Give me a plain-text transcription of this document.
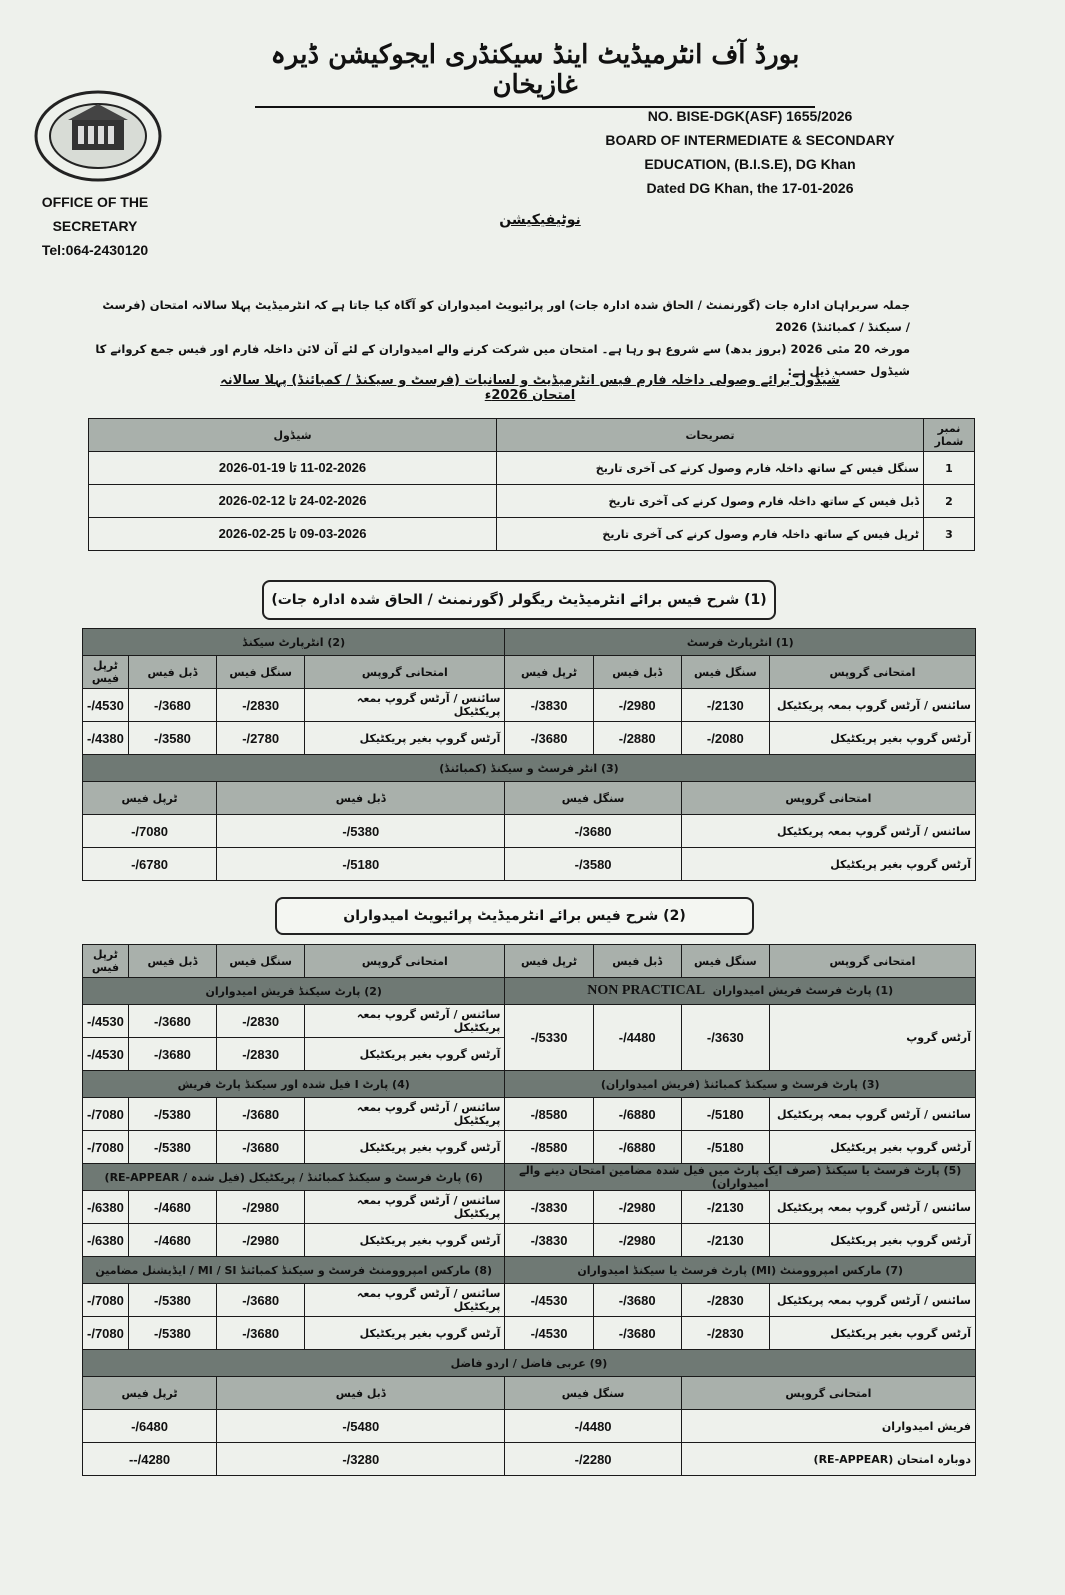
بورڈ آف انٹرمیڈیٹ اینڈ سیکنڈری ایجوکیشن ڈیرہ غازیخان
OFFICE OF THE
SECRETARY
Tel:064-2430120
NO. BISE-DGK(ASF) 1655/2026
BOARD OF INTERMEDIATE & SECONDARY
EDUCATION, (B.I.S.E), DG Khan
Dated DG Khan, the 17-01-2026
نوٹیفیکیشن
جملہ سربراہان ادارہ جات (گورنمنٹ / الحاق شدہ ادارہ جات) اور پرائیویٹ امیدواران کو آگاہ کیا جاتا ہے کہ انٹرمیڈیٹ پہلا سالانہ امتحان (فرسٹ / سیکنڈ / کمبائنڈ) 2026
مورخہ 20 مئی 2026 (بروز بدھ) سے شروع ہو رہا ہے۔ امتحان میں شرکت کرنے والے امیدواران کے لئے آن لائن داخلہ فارم اور فیس جمع کروانے کا شیڈول حسب ذیل ہے:
شیڈول برائے وصولی داخلہ فارم فیس انٹرمیڈیٹ و لسانیات (فرسٹ و سیکنڈ / کمبائنڈ) پہلا سالانہ امتحان 2026ء
نمبر شمار	تصریحات	شیڈول
1	سنگل فیس کے ساتھ داخلہ فارم وصول کرنے کی آخری تاریخ	11-02-2026 تا 19-01-2026
2	ڈبل فیس کے ساتھ داخلہ فارم وصول کرنے کی آخری تاریخ	24-02-2026 تا 12-02-2026
3	ٹرپل فیس کے ساتھ داخلہ فارم وصول کرنے کی آخری تاریخ	09-03-2026 تا 25-02-2026
(1) شرح فیس برائے انٹرمیڈیٹ ریگولر (گورنمنٹ / الحاق شدہ ادارہ جات)
(1) انٹرپارٹ فرسٹ				(2) انٹرپارٹ سیکنڈ			
امتحانی گروپس	سنگل فیس	ڈبل فیس	ٹرپل فیس	امتحانی گروپس	سنگل فیس	ڈبل فیس	ٹرپل فیس
سائنس / آرٹس گروپ بمعہ پریکٹیکل	2130/-	2980/-	3830/-	سائنس / آرٹس گروپ بمعہ پریکٹیکل	2830/-	3680/-	4530/-
آرٹس گروپ بغیر پریکٹیکل	2080/-	2880/-	3680/-	آرٹس گروپ بغیر پریکٹیکل	2780/-	3580/-	4380/-
(3) انٹر فرسٹ و سیکنڈ (کمبائنڈ)							
امتحانی گروپس		سنگل فیس		ڈبل فیس		ٹرپل فیس	
سائنس / آرٹس گروپ بمعہ پریکٹیکل		3680/-		5380/-		7080/-	
آرٹس گروپ بغیر پریکٹیکل		3580/-		5180/-		6780/-	
(2) شرح فیس برائے انٹرمیڈیٹ پرائیویٹ امیدواران
امتحانی گروپس	سنگل فیس	ڈبل فیس	ٹرپل فیس	امتحانی گروپس	سنگل فیس	ڈبل فیس	ٹرپل فیس
(1) پارٹ فرسٹ فریش امیدواران  NON PRACTICAL				(2) پارٹ سیکنڈ فریش امیدواران			
آرٹس گروپ	3630/-	4480/-	5330/-	سائنس / آرٹس گروپ بمعہ پریکٹیکل	2830/-	3680/-	4530/-
				آرٹس گروپ بغیر پریکٹیکل	2830/-	3680/-	4530/-
(3) پارٹ فرسٹ و سیکنڈ کمبائنڈ (فریش امیدواران)				(4) پارٹ I فیل شدہ اور سیکنڈ پارٹ فریش			
سائنس / آرٹس گروپ بمعہ پریکٹیکل	5180/-	6880/-	8580/-	سائنس / آرٹس گروپ بمعہ پریکٹیکل	3680/-	5380/-	7080/-
آرٹس گروپ بغیر پریکٹیکل	5180/-	6880/-	8580/-	آرٹس گروپ بغیر پریکٹیکل	3680/-	5380/-	7080/-
(5) پارٹ فرسٹ یا سیکنڈ (صرف ایک پارٹ میں فیل شدہ مضامین امتحان دینے والے امیدواران)				(6) پارٹ فرسٹ و سیکنڈ کمبائنڈ / پریکٹیکل (فیل شدہ / RE-APPEAR)			
سائنس / آرٹس گروپ بمعہ پریکٹیکل	2130/-	2980/-	3830/-	سائنس / آرٹس گروپ بمعہ پریکٹیکل	2980/-	4680/-	6380/-
آرٹس گروپ بغیر پریکٹیکل	2130/-	2980/-	3830/-	آرٹس گروپ بغیر پریکٹیکل	2980/-	4680/-	6380/-
(7) مارکس امپروومنٹ (MI) پارٹ فرسٹ یا سیکنڈ امیدواران				(8) مارکس امپروومنٹ فرسٹ و سیکنڈ کمبائنڈ MI / SI / ایڈیشنل مضامین			
سائنس / آرٹس گروپ بمعہ پریکٹیکل	2830/-	3680/-	4530/-	سائنس / آرٹس گروپ بمعہ پریکٹیکل	3680/-	5380/-	7080/-
آرٹس گروپ بغیر پریکٹیکل	2830/-	3680/-	4530/-	آرٹس گروپ بغیر پریکٹیکل	3680/-	5380/-	7080/-
(9) عربی فاضل / اردو فاضل							
امتحانی گروپس		سنگل فیس		ڈبل فیس		ٹرپل فیس	
فریش امیدواران		4480/-		5480/-		6480/-	
دوبارہ امتحان (RE-APPEAR)		2280/-		3280/-		4280/--	
